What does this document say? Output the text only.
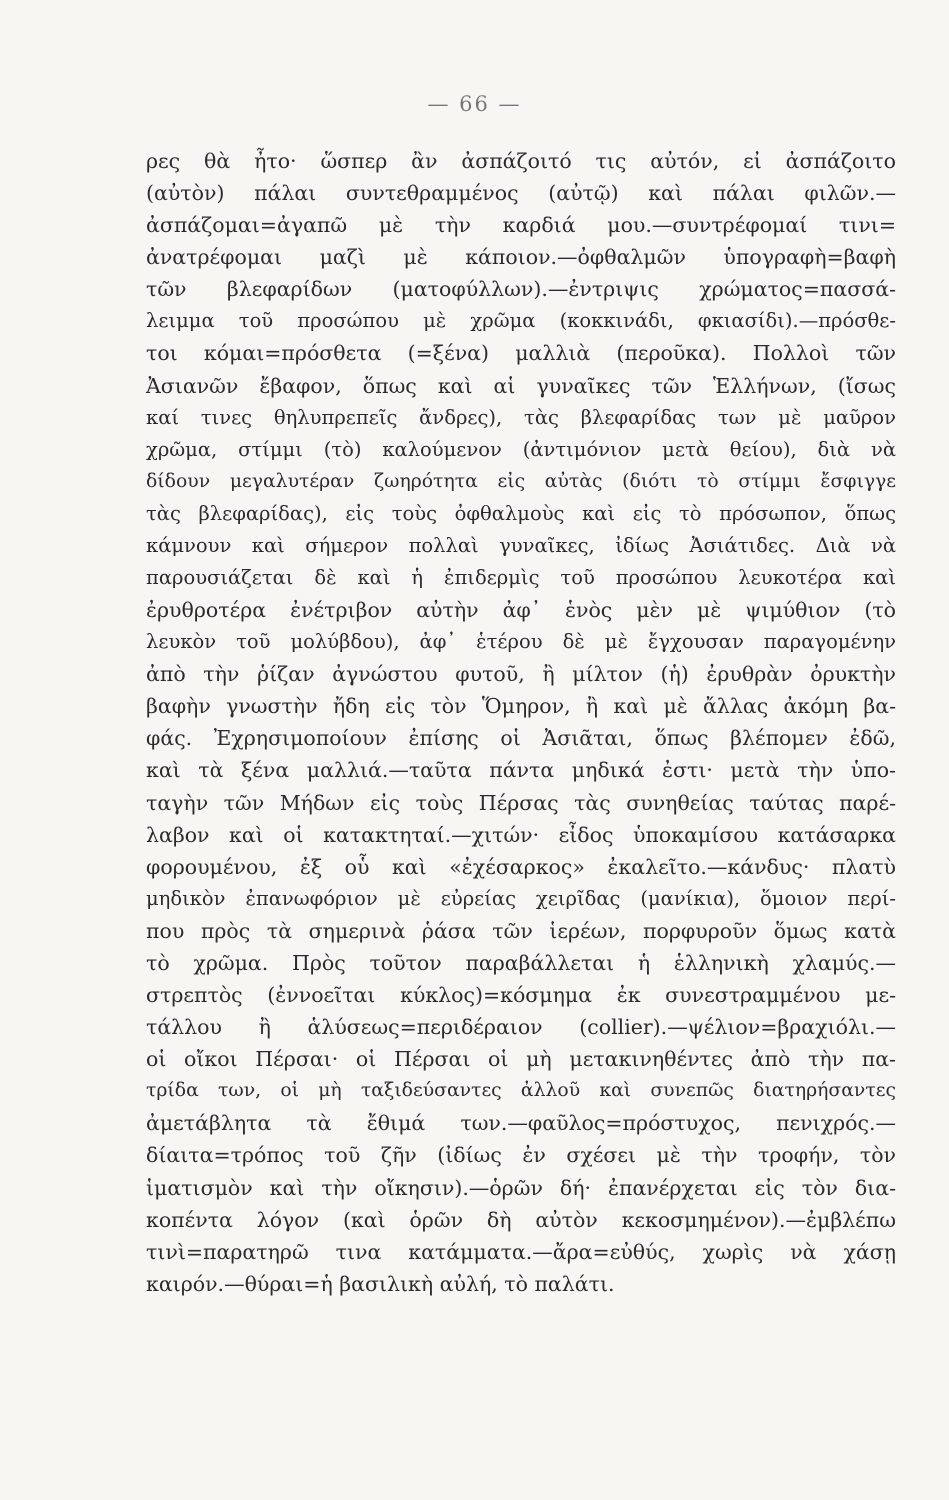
— 66 —
ρες θὰ ἦτο· ὥσπερ ἂν ἀσπάζοιτό τις αὐτόν, εἰ ἀσπάζοιτο
(αὐτὸν) πάλαι συντεθραμμένος (αὐτῷ) καὶ πάλαι φιλῶν.—
ἀσπάζομαι=ἀγαπῶ μὲ τὴν καρδιά μου.—συντρέφομαί τινι=
ἀνατρέφομαι μαζὶ μὲ κάποιον.—ὀφθαλμῶν ὑπογραφὴ=βαφὴ
τῶν βλεφαρίδων (ματοφύλλων).—ἐντριψις χρώματος=πασσά-
λειμμα τοῦ προσώπου μὲ χρῶμα (κοκκινάδι, φκιασίδι).—πρόσθε-
τοι κόμαι=πρόσθετα (=ξένα) μαλλιὰ (περοῦκα). Πολλοὶ τῶν
Ἀσιανῶν ἔβαφον, ὅπως καὶ αἱ γυναῖκες τῶν Ἑλλήνων, (ἴσως
καί τινες θηλυπρεπεῖς ἄνδρες), τὰς βλεφαρίδας των μὲ μαῦρον
χρῶμα, στίμμι (τὸ) καλούμενον (ἀντιμόνιον μετὰ θείου), διὰ νὰ
δίδουν μεγαλυτέραν ζωηρότητα εἰς αὐτὰς (διότι τὸ στίμμι ἔσφιγγε
τὰς βλεφαρίδας), εἰς τοὺς ὀφθαλμοὺς καὶ εἰς τὸ πρόσωπον, ὅπως
κάμνουν καὶ σήμερον πολλαὶ γυναῖκες, ἰδίως Ἀσιάτιδες. Διὰ νὰ
παρουσιάζεται δὲ καὶ ἡ ἐπιδερμὶς τοῦ προσώπου λευκοτέρα καὶ
ἐρυθροτέρα ἐνέτριβον αὐτὴν ἀφ᾽ ἑνὸς μὲν μὲ ψιμύθιον (τὸ
λευκὸν τοῦ μολύβδου), ἀφ᾽ ἑτέρου δὲ μὲ ἔγχουσαν παραγομένην
ἀπὸ τὴν ῥίζαν ἀγνώστου φυτοῦ, ἢ μίλτον (ἡ) ἐρυθρὰν ὀρυκτὴν
βαφὴν γνωστὴν ἤδη εἰς τὸν Ὅμηρον, ἢ καὶ μὲ ἄλλας ἀκόμη βα-
φάς. Ἐχρησιμοποίουν ἐπίσης οἱ Ἀσιᾶται, ὅπως βλέπομεν ἐδῶ,
καὶ τὰ ξένα μαλλιά.—ταῦτα πάντα μηδικά ἐστι· μετὰ τὴν ὑπο-
ταγὴν τῶν Μήδων εἰς τοὺς Πέρσας τὰς συνηθείας ταύτας παρέ-
λαβον καὶ οἱ κατακτηταί.—χιτών· εἶδος ὑποκαμίσου κατάσαρκα
φορουμένου, ἐξ οὗ καὶ «ἐχέσαρκος» ἐκαλεῖτο.—κάνδυς· πλατὺ
μηδικὸν ἐπανωφόριον μὲ εὐρείας χειρῖδας (μανίκια), ὅμοιον περί-
που πρὸς τὰ σημερινὰ ῥάσα τῶν ἱερέων, πορφυροῦν ὅμως κατὰ
τὸ χρῶμα. Πρὸς τοῦτον παραβάλλεται ἡ ἑλληνικὴ χλαμύς.—
στρεπτὸς (ἐννοεῖται κύκλος)=κόσμημα ἐκ συνεστραμμένου με-
τάλλου ἢ ἁλύσεως=περιδέραιον (collier).—ψέλιον=βραχιόλι.—
οἱ οἴκοι Πέρσαι· οἱ Πέρσαι οἱ μὴ μετακινηθέντες ἀπὸ τὴν πα-
τρίδα των, οἱ μὴ ταξιδεύσαντες ἀλλοῦ καὶ συνεπῶς διατηρήσαντες
ἀμετάβλητα τὰ ἔθιμά των.—φαῦλος=πρόστυχος, πενιχρός.—
δίαιτα=τρόπος τοῦ ζῆν (ἰδίως ἐν σχέσει μὲ τὴν τροφήν, τὸν
ἱματισμὸν καὶ τὴν οἴκησιν).—ὁρῶν δή· ἐπανέρχεται εἰς τὸν δια-
κοπέντα λόγον (καὶ ὁρῶν δὴ αὐτὸν κεκοσμημένον).—ἐμβλέπω
τινὶ=παρατηρῶ τινα κατάμματα.—ἄρα=εὐθύς, χωρὶς νὰ χάσῃ
καιρόν.—θύραι=ἡ βασιλικὴ αὐλή, τὸ παλάτι.
